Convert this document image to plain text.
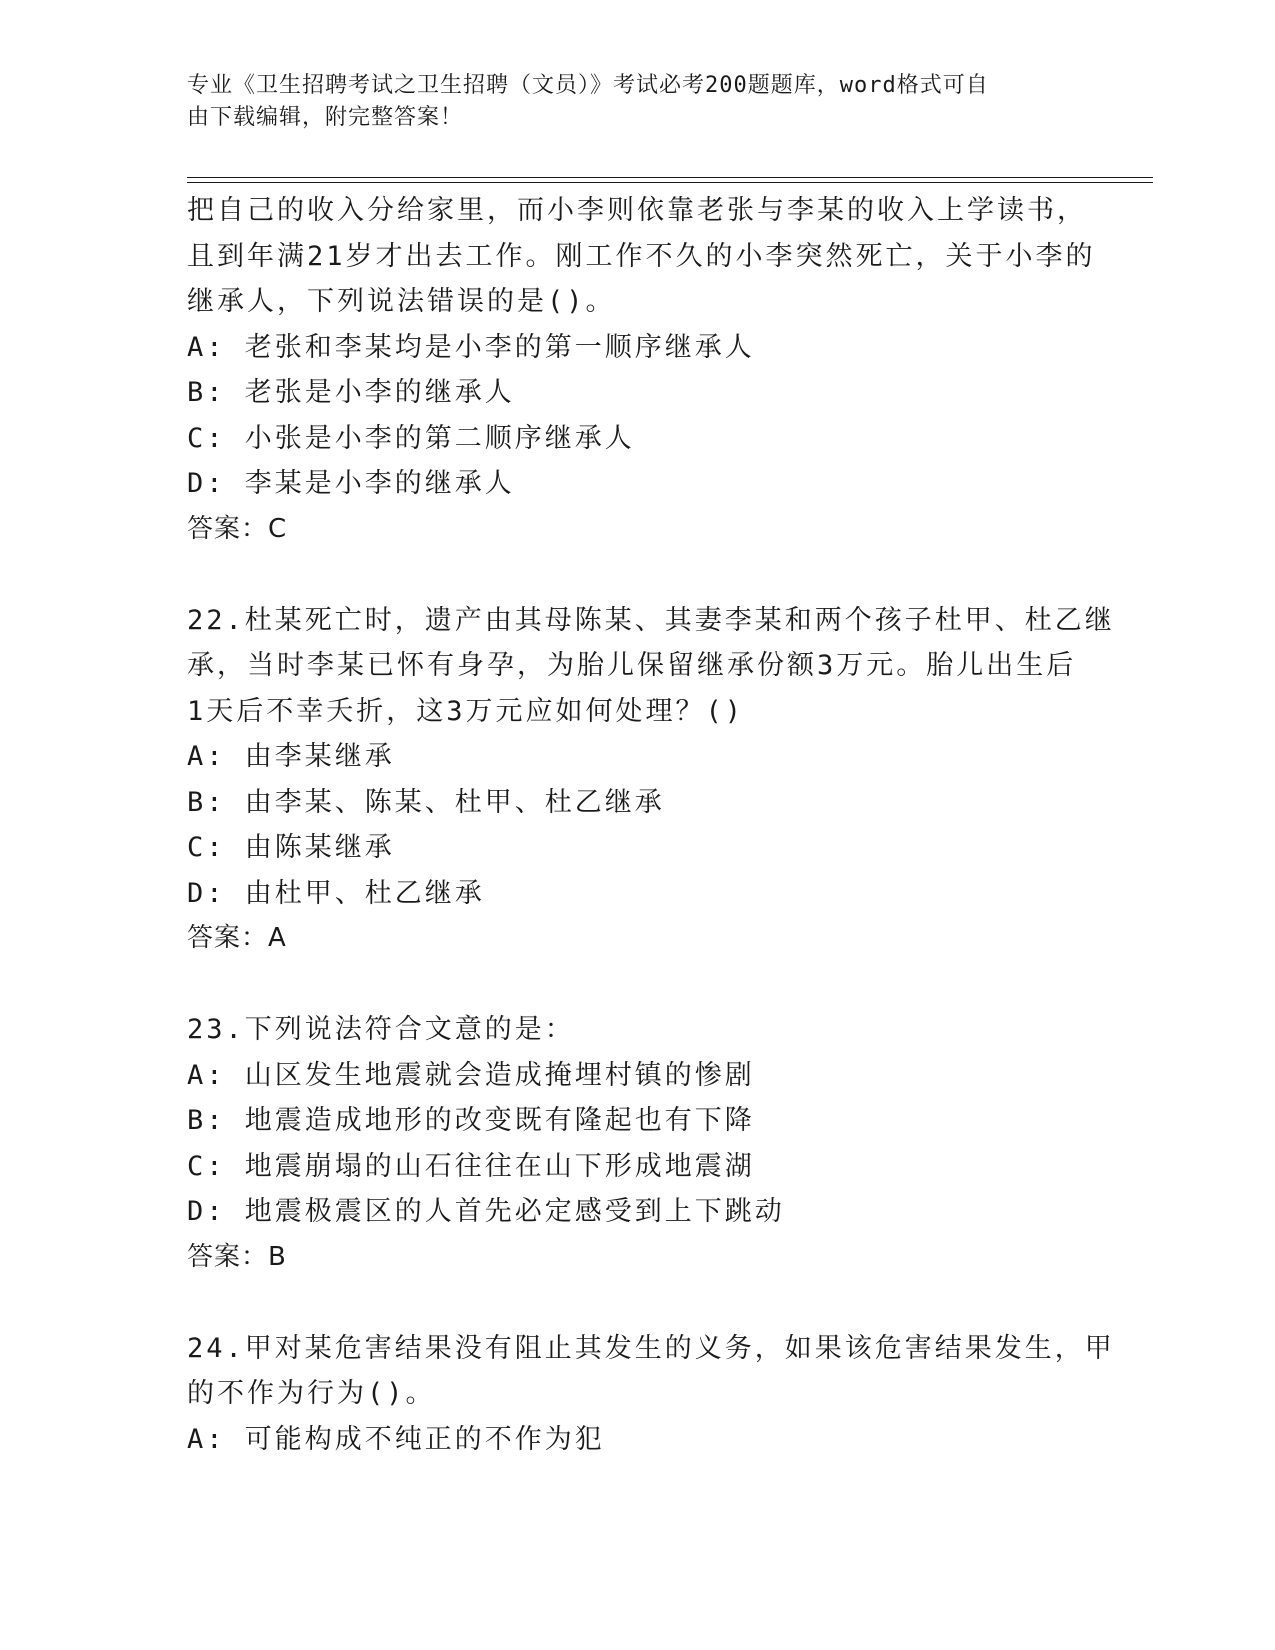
专业《卫生招聘考试之卫生招聘（文员）》考试必考200题题库，word格式可自
由下载编辑，附完整答案！
把自己的收入分给家里，而小李则依靠老张与李某的收入上学读书，
且到年满21岁才出去工作。刚工作不久的小李突然死亡，关于小李的
继承人，下列说法错误的是()。
A: 老张和李某均是小李的第一顺序继承人
B: 老张是小李的继承人
C: 小张是小李的第二顺序继承人
D: 李某是小李的继承人
答案：C
22.杜某死亡时，遗产由其母陈某、其妻李某和两个孩子杜甲、杜乙继
承，当时李某已怀有身孕，为胎儿保留继承份额3万元。胎儿出生后
1天后不幸夭折，这3万元应如何处理？()
A: 由李某继承
B: 由李某、陈某、杜甲、杜乙继承
C: 由陈某继承
D: 由杜甲、杜乙继承
答案：A
23.下列说法符合文意的是：
A: 山区发生地震就会造成掩埋村镇的惨剧
B: 地震造成地形的改变既有隆起也有下降
C: 地震崩塌的山石往往在山下形成地震湖
D: 地震极震区的人首先必定感受到上下跳动
答案：B
24.甲对某危害结果没有阻止其发生的义务，如果该危害结果发生，甲
的不作为行为()。
A: 可能构成不纯正的不作为犯
